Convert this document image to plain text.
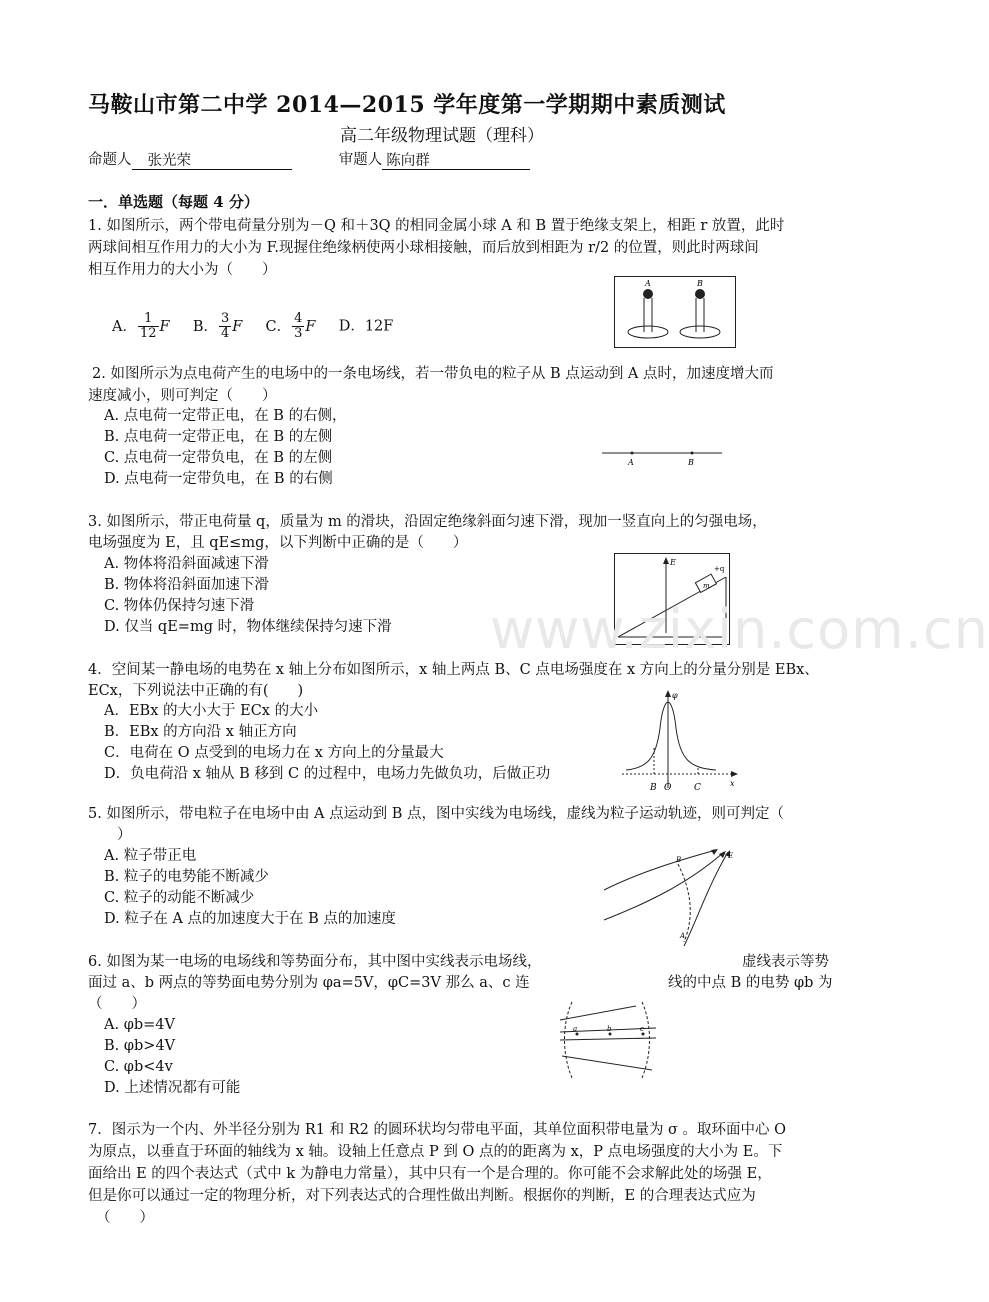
马鞍山市第二中学 2014—2015 学年度第一学期期中素质测试
高二年级物理试题（理科）
命题人 张光荣	审题人 陈向群
一．单选题（每题 4 分）
1. 如图所示，两个带电荷量分别为－Q 和＋3Q 的相同金属小球 A 和 B 置于绝缘支架上，相距 r 放置，此时
两球间相互作用力的大小为 F.现握住绝缘柄使两小球相接触，而后放到相距为 r/2 的位置，则此时两球间
相互作用力的大小为（　　）
A． $\frac{1}{12}$ F B． $\frac{3}{4}$ F C． $\frac{4}{3}$ F D．12F
A	B
2. 如图所示为点电荷产生的电场中的一条电场线，若一带负电的粒子从 B 点运动到 A 点时，加速度增大而
速度减小，则可判定（　　）
A. 点电荷一定带正电，在 B 的右侧，
B. 点电荷一定带正电，在 B 的左侧
C. 点电荷一定带负电，在 B 的左侧
D. 点电荷一定带负电，在 B 的右侧
A	B
3. 如图所示，带正电荷量 q，质量为 m 的滑块，沿固定绝缘斜面匀速下滑，现加一竖直向上的匀强电场，
电场强度为 E，且 qE≤mg，以下判断中正确的是（　　）
A. 物体将沿斜面减速下滑
B. 物体将沿斜面加速下滑
C. 物体仍保持匀速下滑
D. 仅当 qE=mg 时，物体继续保持匀速下滑
E
m
+q
www.zixin.com.cn
4．空间某一静电场的电势在 x 轴上分布如图所示，x 轴上两点 B、C 点电场强度在 x 方向上的分量分别是 EBx、
ECx，下列说法中正确的有(　　)
A．EBx 的大小大于 ECx 的大小
B．EBx 的方向沿 x 轴正方向
C．电荷在 O 点受到的电场力在 x 方向上的分量最大
D．负电荷沿 x 轴从 B 移到 C 的过程中，电场力先做负功，后做正功
φ
x
B O	C
5. 如图所示，带电粒子在电场中由 A 点运动到 B 点，图中实线为电场线，虚线为粒子运动轨迹，则可判定（
　　）
A. 粒子带正电
B. 粒子的电势能不断减少
C. 粒子的动能不断减少
D. 粒子在 A 点的加速度大于在 B 点的加速度
B	E
A
6. 如图为某一电场的电场线和等势面分布，其中图中实线表示电场线，	虚线表示等势
面过 a、b 两点的等势面电势分别为 φa=5V，φC=3V 那么 a、c 连	线的中点 B 的电势 φb 为
（　　）
A. φb=4V
B. φb>4V
C. φb<4v
D. 上述情况都有可能
a	b	c
7．图示为一个内、外半径分别为 R1 和 R2 的圆环状均匀带电平面，其单位面积带电量为 σ 。取环面中心 O
为原点，以垂直于环面的轴线为 x 轴。设轴上任意点 P 到 O 点的的距离为 x，P 点电场强度的大小为 E。下
面给出 E 的四个表达式（式中 k 为静电力常量），其中只有一个是合理的。你可能不会求解此处的场强 E，
但是你可以通过一定的物理分析，对下列表达式的合理性做出判断。根据你的判断，E 的合理表达式应为
（　　）
